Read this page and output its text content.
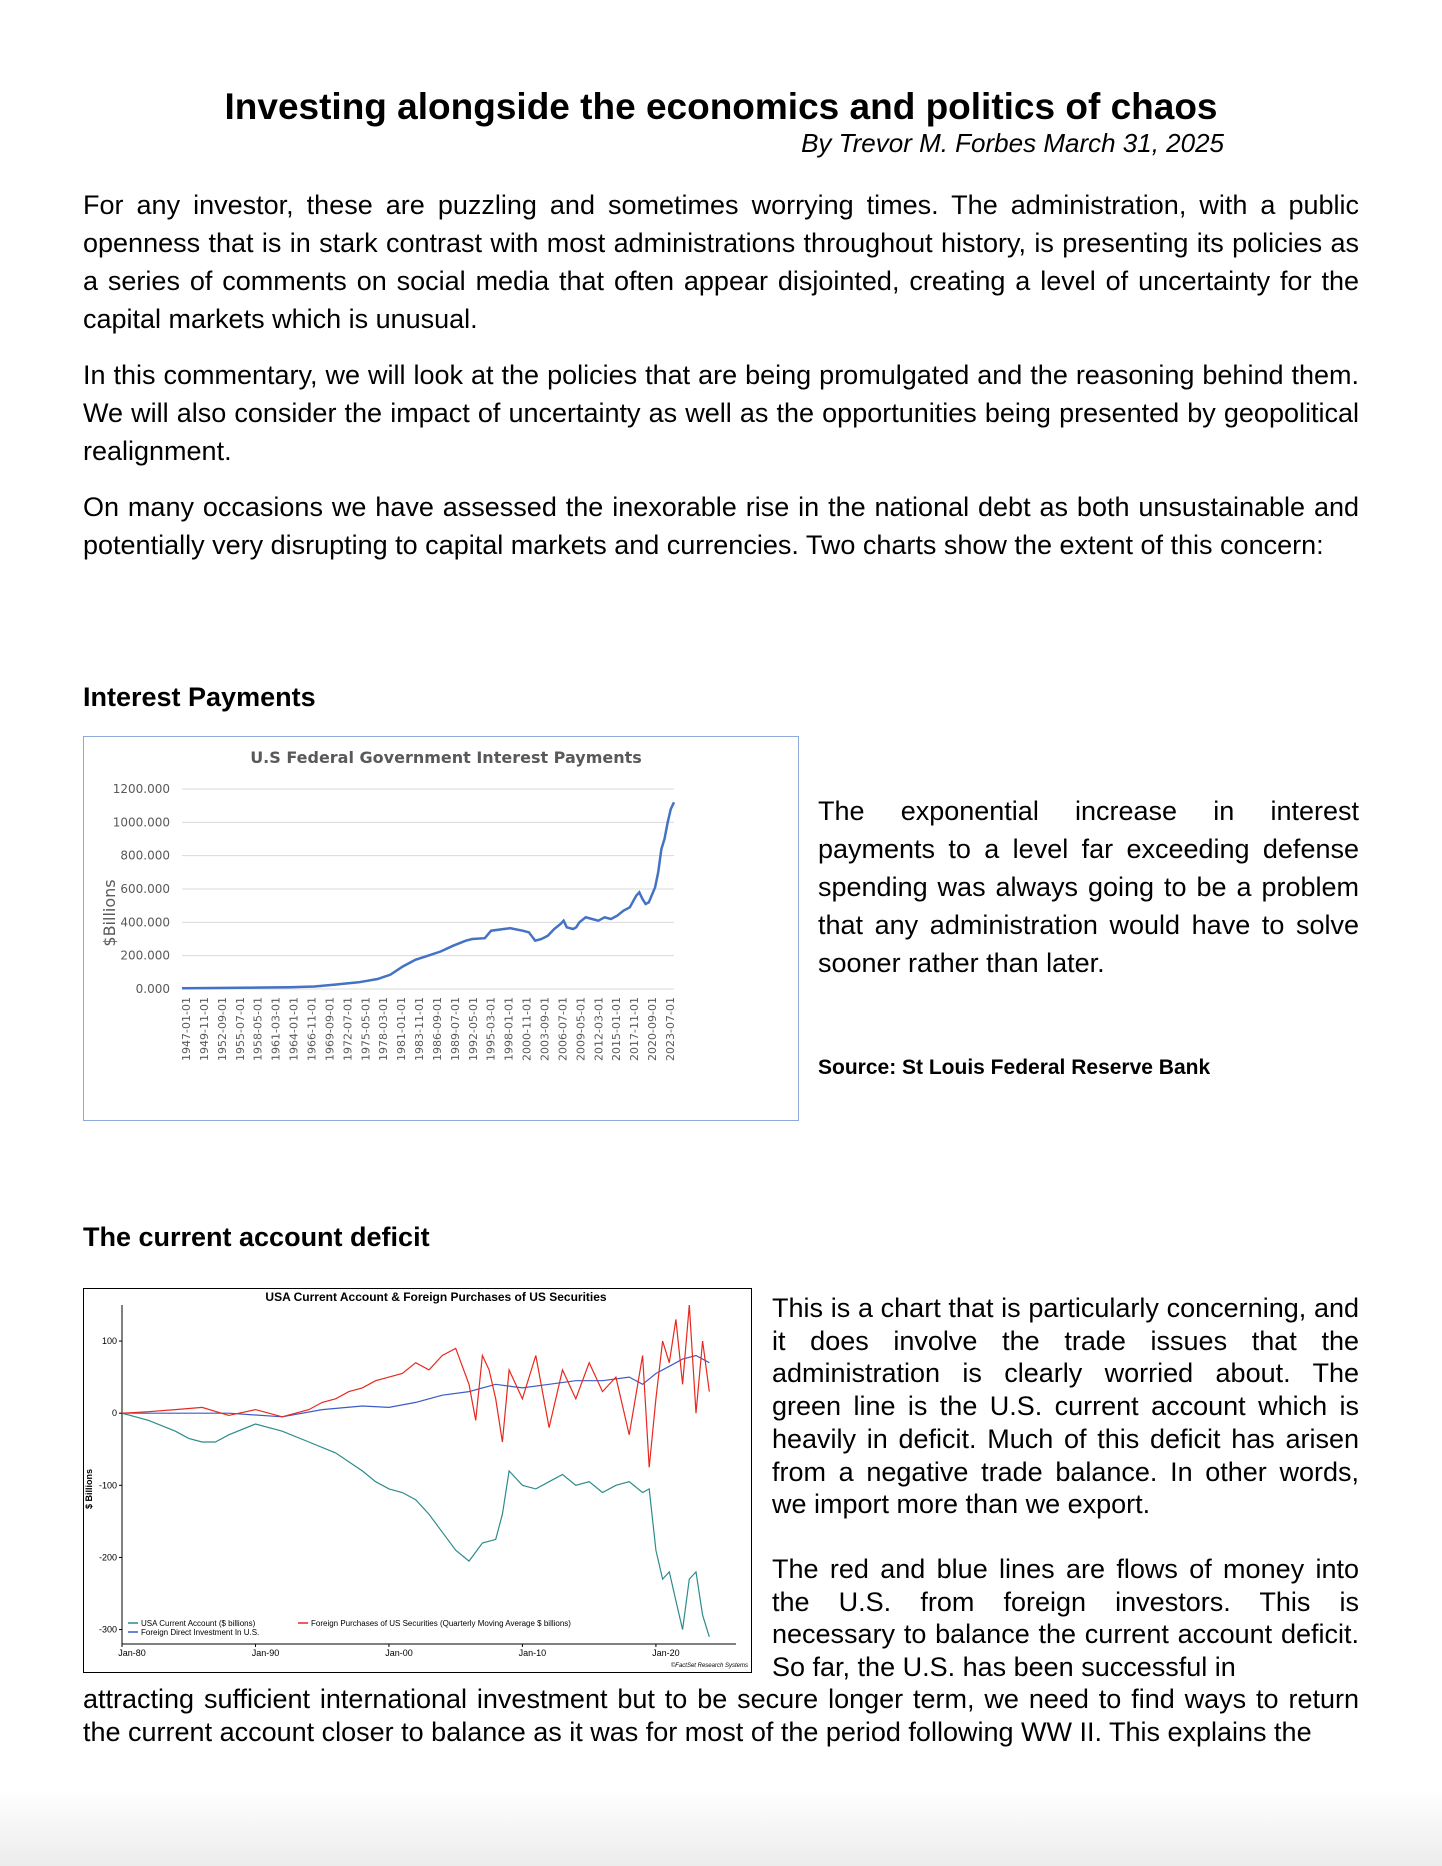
Investing alongside the economics and politics of chaos
By Trevor M. Forbes March 31, 2025

For any investor, these are puzzling and sometimes worrying times. The administration, with a public openness that is in stark contrast with most administrations throughout history, is presenting its policies as a series of comments on social media that often appear disjointed, creating a level of uncertainty for the capital markets which is unusual.

In this commentary, we will look at the policies that are being promulgated and the reasoning behind them. We will also consider the impact of uncertainty as well as the opportunities being presented by geopolitical realignment.

On many occasions we have assessed the inexorable rise in the national debt as both unsustainable and potentially very disrupting to capital markets and currencies. Two charts show the extent of this concern:

Interest Payments
U.S Federal Government Interest Payments
$Billions
0.000
200.000
400.000
600.000
800.000
1000.000
1200.000
1947-01-01 1949-11-01 1952-09-01 1955-07-01 1958-05-01 1961-03-01 1964-01-01 1966-11-01 1969-09-01 1972-07-01 1975-05-01 1978-03-01 1981-01-01 1983-11-01 1986-09-01 1989-07-01 1992-05-01 1995-03-01 1998-01-01 2000-11-01 2003-09-01 2006-07-01 2009-05-01 2012-03-01 2015-01-01 2017-11-01 2020-09-01 2023-07-01

The exponential increase in interest payments to a level far exceeding defense spending was always going to be a problem that any administration would have to solve sooner rather than later.

Source: St Louis Federal Reserve Bank
The current account deficit
USA Current Account & Foreign Purchases of US Securities
$ Billions
-300
-200
-100
0
100
Jan-80	Jan-90	Jan-00	Jan-10	Jan-20
USA Current Account ($ billions)	Foreign Purchases of US Securities (Quarterly Moving Average $ billions)
Foreign Direct Investment In U.S.
©FactSet Research Systems

This is a chart that is particularly concerning, and it does involve the trade issues that the administration is clearly worried about. The green line is the U.S. current account which is heavily in deficit. Much of this deficit has arisen from a negative trade balance. In other words, we import more than we export.

The red and blue lines are flows of money into the U.S. from foreign investors. This is necessary to balance the current account deficit. So far, the U.S. has been successful in

attracting sufficient international investment but to be secure longer term, we need to find ways to return the current account closer to balance as it was for most of the period following WW II. This explains the
